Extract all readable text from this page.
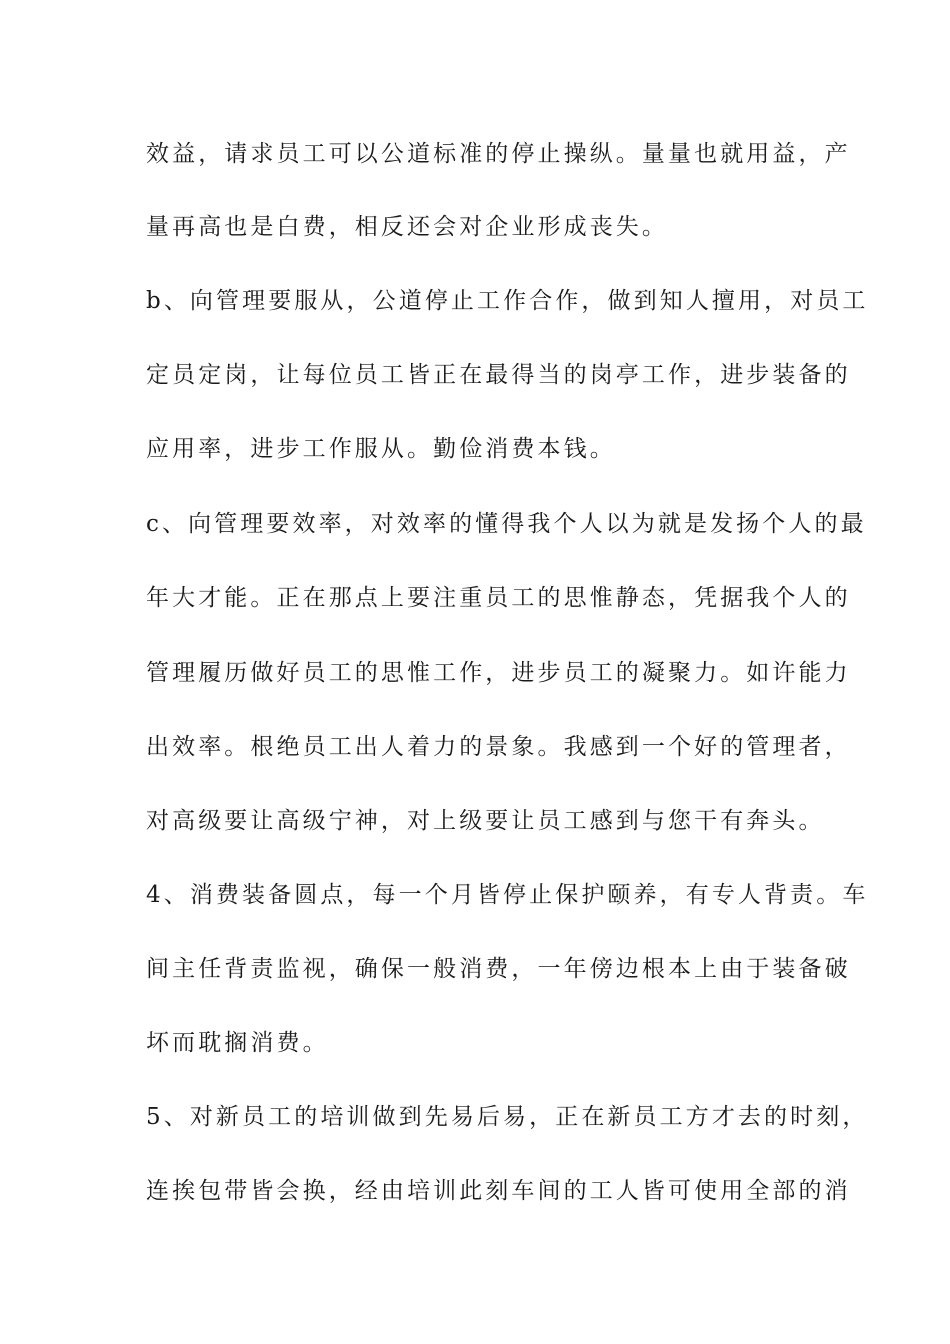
效益，请求员工可以公道标准的停止操纵。量量也就用益，产
量再高也是白费，相反还会对企业形成丧失。
b、向管理要服从，公道停止工作合作，做到知人擅用，对员工
定员定岗，让每位员工皆正在最得当的岗亭工作，进步装备的
应用率，进步工作服从。勤俭消费本钱。
c、向管理要效率，对效率的懂得我个人以为就是发扬个人的最
年大才能。正在那点上要注重员工的思惟静态，凭据我个人的
管理履历做好员工的思惟工作，进步员工的凝聚力。如许能力
出效率。根绝员工出人着力的景象。我感到一个好的管理者，
对高级要让高级宁神，对上级要让员工感到与您干有奔头。
4、消费装备圆点，每一个月皆停止保护颐养，有专人背责。车
间主任背责监视，确保一般消费，一年傍边根本上由于装备破
坏而耽搁消费。
5、对新员工的培训做到先易后易，正在新员工方才去的时刻，
连挨包带皆会换，经由培训此刻车间的工人皆可使用全部的消
